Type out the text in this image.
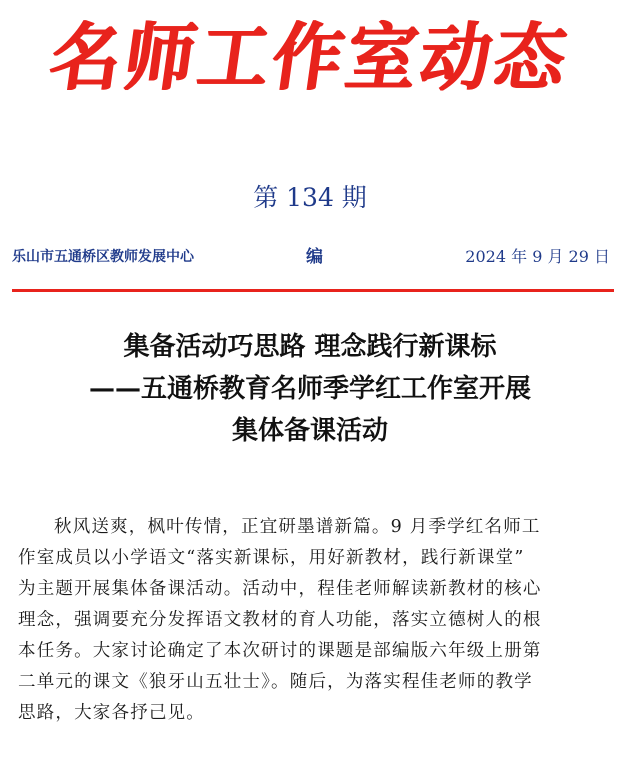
名师工作室动态
第 134 期
乐山市五通桥区教师发展中心	编	2024 年 9 月 29 日
集备活动巧思路 理念践行新课标
——五通桥教育名师季学红工作室开展
集体备课活动
秋风送爽，枫叶传情，正宜研墨谱新篇。9 月季学红名师工
作室成员以小学语文“落实新课标，用好新教材，践行新课堂”
为主题开展集体备课活动。活动中，程佳老师解读新教材的核心
理念，强调要充分发挥语文教材的育人功能，落实立德树人的根
本任务。大家讨论确定了本次研讨的课题是部编版六年级上册第
二单元的课文《狼牙山五壮士》。随后，为落实程佳老师的教学
思路，大家各抒己见。
